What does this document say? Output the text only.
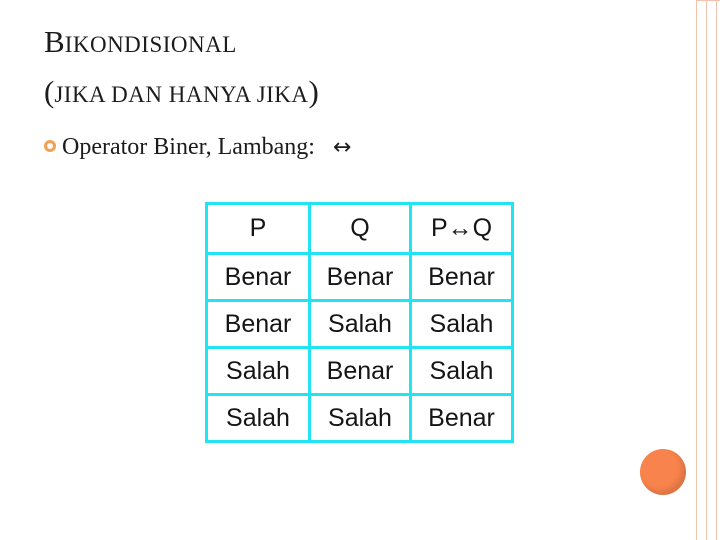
BIKONDISIONAL
(JIKA DAN HANYA JIKA)
Operator Biner, Lambang: ↔
P	Q	P↔Q
Benar	Benar	Benar
Benar	Salah	Salah
Salah	Benar	Salah
Salah	Salah	Benar
